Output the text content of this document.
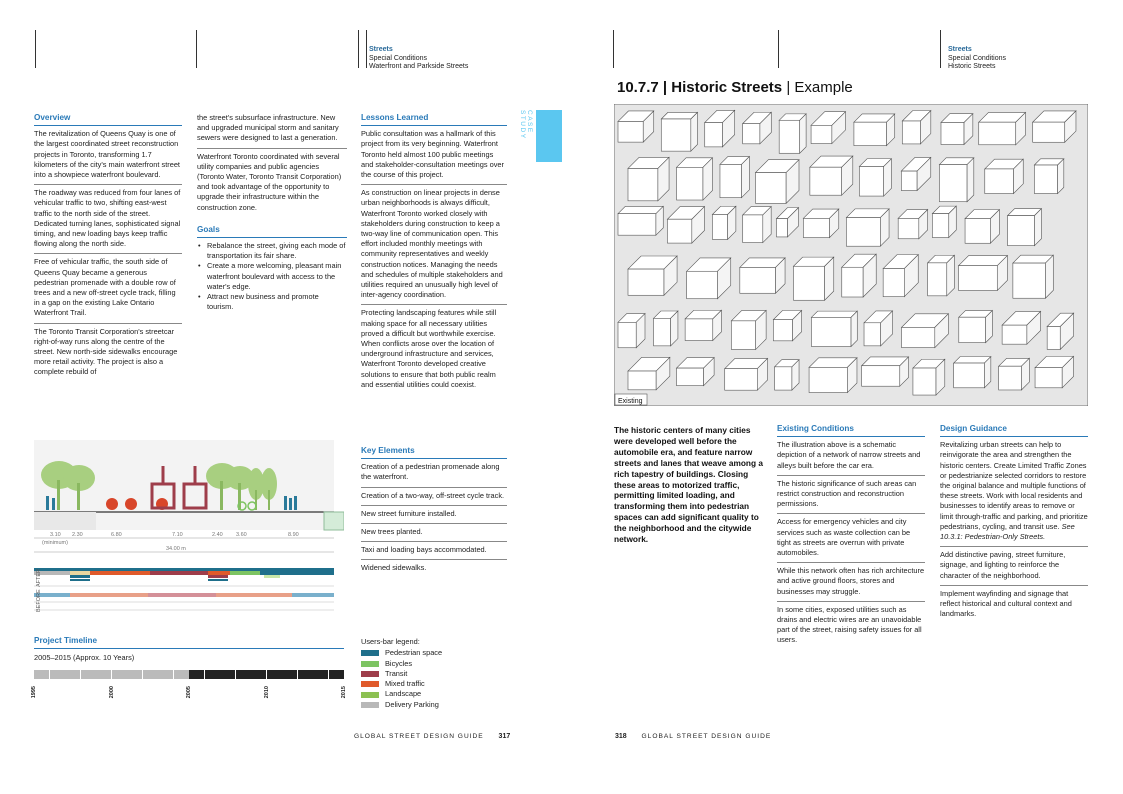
Streets
Special Conditions
Waterfront and Parkside Streets
Streets
Special Conditions
Historic Streets
CASE STUDY
Overview

The revitalization of Queens Quay is one of the largest coordinated street reconstruction projects in Toronto, transforming 1.7 kilometers of the city's main waterfront street into a showpiece waterfront boulevard.

The roadway was reduced from four lanes of vehicular traffic to two, shifting east-west traffic to the north side of the street. Dedicated turning lanes, sophisticated signal timing, and new loading bays keep traffic flowing along the north side.

Free of vehicular traffic, the south side of Queens Quay became a generous pedestrian promenade with a double row of trees and a new off-street cycle track, filling in a gap on the existing Lake Ontario Waterfront Trail.

The Toronto Transit Corporation's streetcar right-of-way runs along the centre of the street. New north-side sidewalks encourage more retail activity. The project is also a complete rebuild of

the street's subsurface infrastructure. New and upgraded municipal storm and sanitary sewers were designed to last a generation.

Waterfront Toronto coordinated with several utility companies and public agencies (Toronto Water, Toronto Transit Corporation) and took advantage of the opportunity to upgrade their infrastructure within the construction zone.

Goals
• Rebalance the street, giving each mode of transportation its fair share.
• Create a more welcoming, pleasant main waterfront boulevard with access to the water's edge.
• Attract new business and promote tourism.
Lessons Learned

Public consultation was a hallmark of this project from its very beginning. Waterfront Toronto held almost 100 public meetings and stakeholder-consultation meetings over the course of this project.

As construction on linear projects in dense urban neighborhoods is always difficult, Waterfront Toronto worked closely with stakeholders during construction to keep a two-way line of communication open. This effort included monthly meetings with community representatives and weekly construction notices. Managing the needs and schedules of multiple stakeholders and utilities required an unusually high level of inter-agency coordination.

Protecting landscaping features while still making space for all necessary utilities proved a difficult but worthwhile exercise. When conflicts arose over the location of underground infrastructure and services, Waterfront Toronto developed creative solutions to ensure that both public realm and essential utilities could coexist.

Key Elements

Creation of a pedestrian promenade along the waterfront.

Creation of a two-way, off-street cycle track.

New street furniture installed.

New trees planted.

Taxi and loading bays accommodated.

Widened sidewalks.

3.10 2.30	6.80	7.10	2.40 3.60	8.90
(minimum)
34.00 m
AFTER
BEFORE
Project Timeline

2005–2015 (Approx. 10 Years)

1995	2000	2005	2010	2015
Users-bar legend:
Pedestrian space
Bicycles
Transit
Mixed traffic
Landscape
Delivery Parking
10.7.7 | Historic Streets | Example
Existing
The historic centers of many cities were developed well before the automobile era, and feature narrow streets and lanes that weave among a rich tapestry of buildings. Closing these areas to motorized traffic, permitting limited loading, and transforming them into pedestrian spaces can add significant quality to the neighborhood and the citywide network.
Existing Conditions

The illustration above is a schematic depiction of a network of narrow streets and alleys built before the car era.

The historic significance of such areas can restrict construction and reconstruction permissions.

Access for emergency vehicles and city services such as waste collection can be tight as streets are overrun with private automobiles.

While this network often has rich architecture and active ground floors, stores and businesses may struggle.

In some cities, exposed utilities such as drains and electric wires are an unavoidable part of the street, raising safety issues for all users.

Design Guidance

Revitalizing urban streets can help to reinvigorate the area and strengthen the historic centers. Create Limited Traffic Zones or pedestrianize selected corridors to restore the original balance and multiple functions of these streets. Work with local residents and businesses to identify areas to remove or limit through-traffic and parking, and prioritize pedestrians, cycling, and transit use. See 10.3.1: Pedestrian-Only Streets.

Add distinctive paving, street furniture, signage, and lighting to reinforce the character of the neighborhood.

Implement wayfinding and signage that reflect historical and cultural context and landmarks.

GLOBAL STREET DESIGN GUIDE 317	318 GLOBAL STREET DESIGN GUIDE
